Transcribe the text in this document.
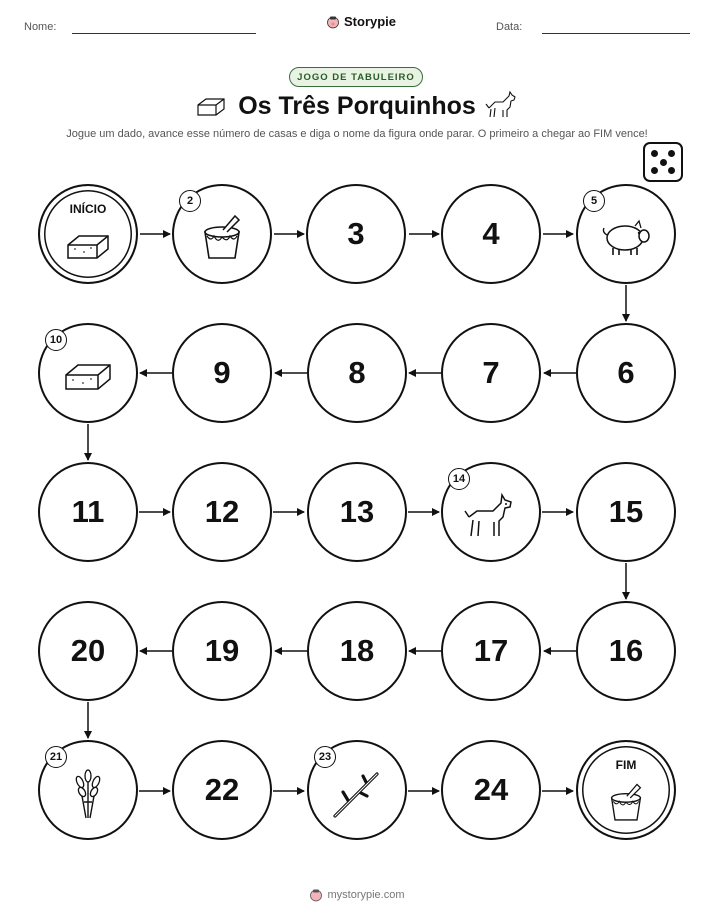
Nome:	Storypie	Data:
JOGO DE TABULEIRO
Os Três Porquinhos
Jogue um dado, avance esse número de casas e diga o nome da figura onde parar. O primeiro a chegar ao FIM vence!
INÍCIO
2
3	4
5
6
7
8
9
10
11	12	13
14
15
16
17
18
19
20
21
22
23
24
FIM
mystorypie.com
